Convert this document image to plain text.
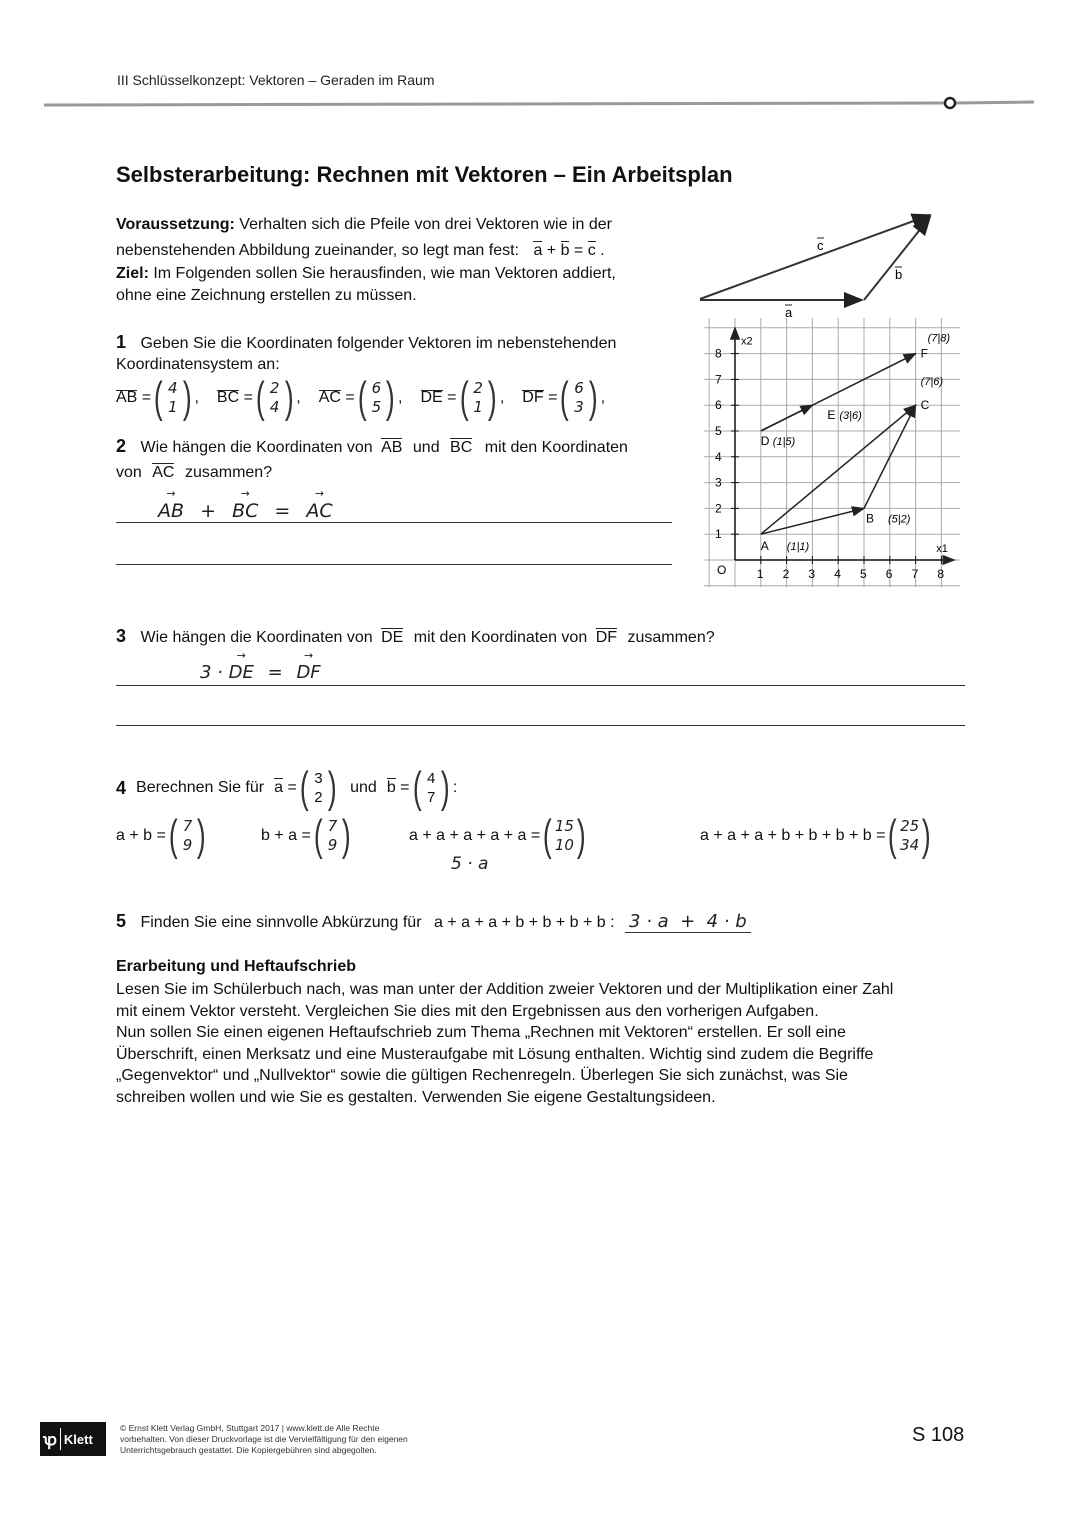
III Schlüsselkonzept: Vektoren – Geraden im Raum
Selbsterarbeitung: Rechnen mit Vektoren – Ein Arbeitsplan
Voraussetzung: Verhalten sich die Pfeile von drei Vektoren wie in der
nebenstehenden Abbildung zueinander, so legt man fest: a + b = c .
Ziel: Im Folgenden sollen Sie herausfinden, wie man Vektoren addiert,
ohne eine Zeichnung erstellen zu müssen.
c
b
a
1 2 3 4 5 6 7 8
1
2
3
4
5
6
7
8
O
x1
x2
A (1|1)
B (5|2)
C
(7|6)
D (1|5)
E (3|6)
F
(7|8)
1 Geben Sie die Koordinaten folgender Vektoren im nebenstehenden
Koordinatensystem an:
AB = ( 4
1 ) , BC = ( 2
4 ) , AC = ( 6
5 ) , DE = ( 2
1 ) , DF = ( 6
3 ) ,
2 Wie hängen die Koordinaten von AB und BC mit den Koordinaten
von AC zusammen?
→ AB + → BC = → AC
3 Wie hängen die Koordinaten von DE mit den Koordinaten von DF zusammen?
3 · → DE = → DF
4 Berechnen Sie für a = ( 3
2 ) und b = ( 4
7 ) :
a + b = ( 7
9 )	b + a = ( 7
9 )	a + a + a + a + a = ( 15
10 )
5 · a
a + a + a + b + b + b + b = ( 25
34 )
5 Finden Sie eine sinnvolle Abkürzung für a + a + a + b + b + b + b : 3 · a  +  4 · b
Erarbeitung und Heftaufschrieb
Lesen Sie im Schülerbuch nach, was man unter der Addition zweier Vektoren und der Multiplikation einer Zahl
mit einem Vektor versteht. Vergleichen Sie dies mit den Ergebnissen aus den vorherigen Aufgaben.
Nun sollen Sie einen eigenen Heftaufschrieb zum Thema „Rechnen mit Vektoren“ erstellen. Er soll eine
Überschrift, einen Merksatz und eine Musteraufgabe mit Lösung enthalten. Wichtig sind zudem die Begriffe
„Gegenvektor“ und „Nullvektor“ sowie die gültigen Rechenregeln. Überlegen Sie sich zunächst, was Sie
schreiben wollen und wie Sie es gestalten. Verwenden Sie eigene Gestaltungsideen.
ꝕ Klett
© Ernst Klett Verlag GmbH, Stuttgart 2017 | www.klett.de Alle Rechte
vorbehalten. Von dieser Druckvorlage ist die Vervielfältigung für den eigenen
Unterrichtsgebrauch gestattet. Die Kopiergebühren sind abgegolten.
S 108
